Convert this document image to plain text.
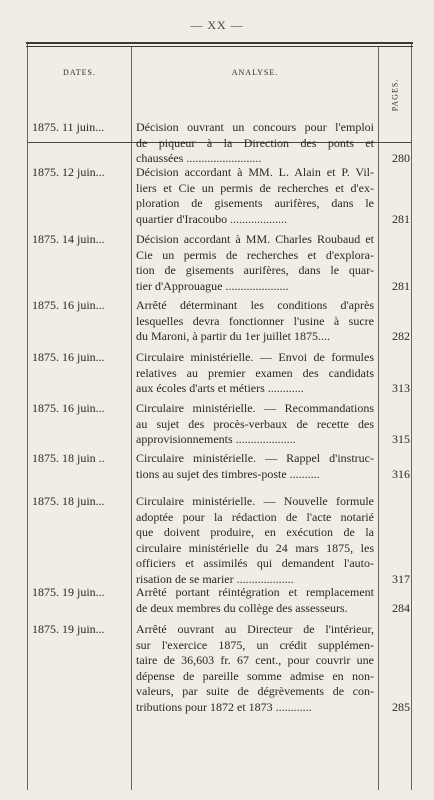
— XX —
DATES.	ANALYSE.
PAGES.
1875. 11 juin...	Décision ouvrant un concours pour l'emploi
de piqueur à la Direction des ponts et
chaussées .........................	280
1875. 12 juin...	Décision accordant à MM. L. Alain et P. Vil-
liers et Cie un permis de recherches et d'ex-
ploration de gisements aurifères, dans le
quartier d'Iracoubo ...................	281
1875. 14 juin...	Décision accordant à MM. Charles Roubaud et
Cie un permis de recherches et d'explora-
tion de gisements aurifères, dans le quar-
tier d'Approuague .....................	281
1875. 16 juin...	Arrêté déterminant les conditions d'après
lesquelles devra fonctionner l'usine à sucre
du Maroni, à partir du 1er juillet 1875....	282
1875. 16 juin...	Circulaire ministérielle. — Envoi de formules
relatives au premier examen des candidats
aux écoles d'arts et métiers ............	313
1875. 16 juin...	Circulaire ministérielle. — Recommandations
au sujet des procès-verbaux de recette des
approvisionnements ....................	315
1875. 18 juin ..	Circulaire ministérielle. — Rappel d'instruc-
tions au sujet des timbres-poste ..........	316
1875. 18 juin...	Circulaire ministérielle. — Nouvelle formule
adoptée pour la rédaction de l'acte notarié
que doivent produire, en exécution de la
circulaire ministérielle du 24 mars 1875, les
officiers et assimilés qui demandent l'auto-
risation de se marier ...................	317
1875. 19 juin...	Arrêté portant réintégration et remplacement
de deux membres du collège des assesseurs.	284
1875. 19 juin...	Arrêté ouvrant au Directeur de l'intérieur,
sur l'exercice 1875, un crédit supplémen-
taire de 36,603 fr. 67 cent., pour couvrir une
dépense de pareille somme admise en non-
valeurs, par suite de dégrèvements de con-
tributions pour 1872 et 1873 ............	285
